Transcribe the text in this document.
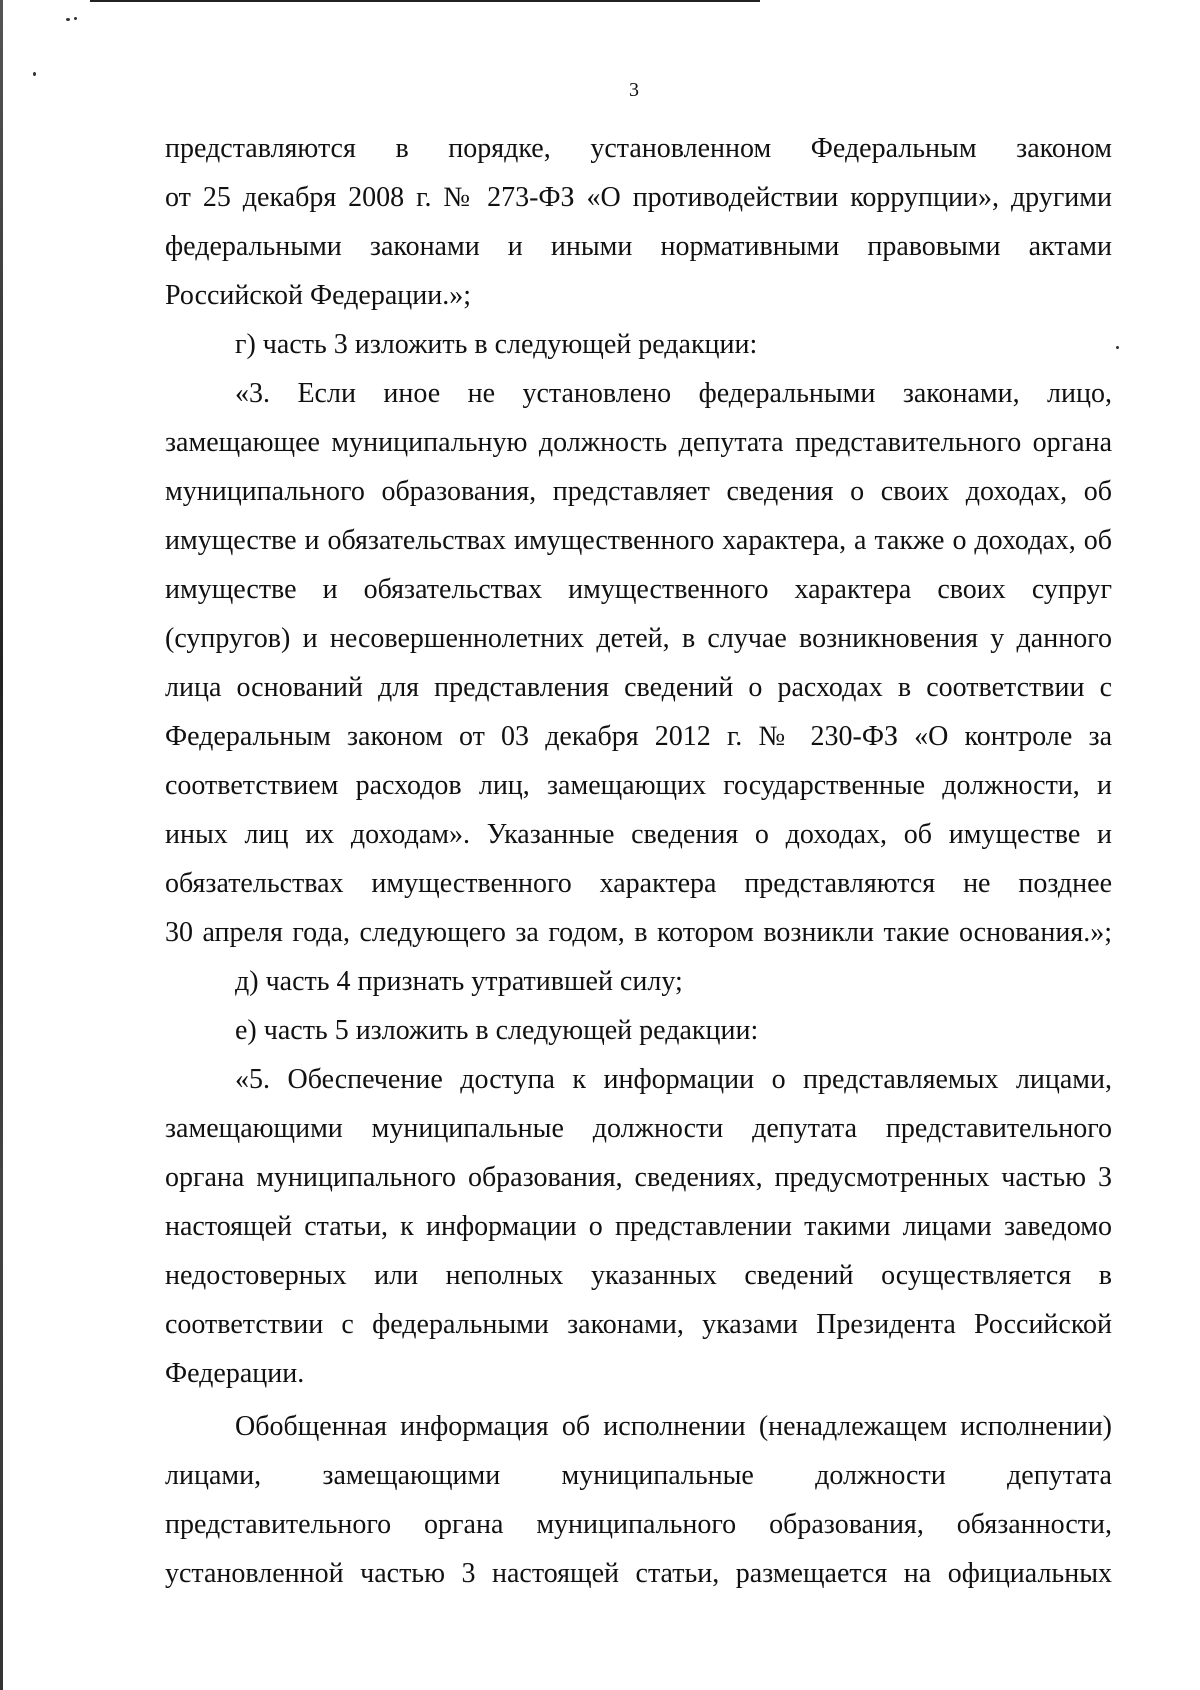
3
представляются в порядке, установленном Федеральным законом
от 25 декабря 2008 г. № 273-ФЗ «О противодействии коррупции», другими
федеральными законами и иными нормативными правовыми актами
Российской Федерации.»;
г) часть 3 изложить в следующей редакции:
«3. Если иное не установлено федеральными законами, лицо,
замещающее муниципальную должность депутата представительного органа
муниципального образования, представляет сведения о своих доходах, об
имуществе и обязательствах имущественного характера, а также о доходах, об
имуществе и обязательствах имущественного характера своих супруг
(супругов) и несовершеннолетних детей, в случае возникновения у данного
лица оснований для представления сведений о расходах в соответствии с
Федеральным законом от 03 декабря 2012 г. № 230-ФЗ «О контроле за
соответствием расходов лиц, замещающих государственные должности, и
иных лиц их доходам». Указанные сведения о доходах, об имуществе и
обязательствах имущественного характера представляются не позднее
30 апреля года, следующего за годом, в котором возникли такие основания.»;
д) часть 4 признать утратившей силу;
е) часть 5 изложить в следующей редакции:
«5. Обеспечение доступа к информации о представляемых лицами,
замещающими муниципальные должности депутата представительного
органа муниципального образования, сведениях, предусмотренных частью 3
настоящей статьи, к информации о представлении такими лицами заведомо
недостоверных или неполных указанных сведений осуществляется в
соответствии с федеральными законами, указами Президента Российской
Федерации.
Обобщенная информация об исполнении (ненадлежащем исполнении)
лицами, замещающими муниципальные должности депутата
представительного органа муниципального образования, обязанности,
установленной частью 3 настоящей статьи, размещается на официальных
